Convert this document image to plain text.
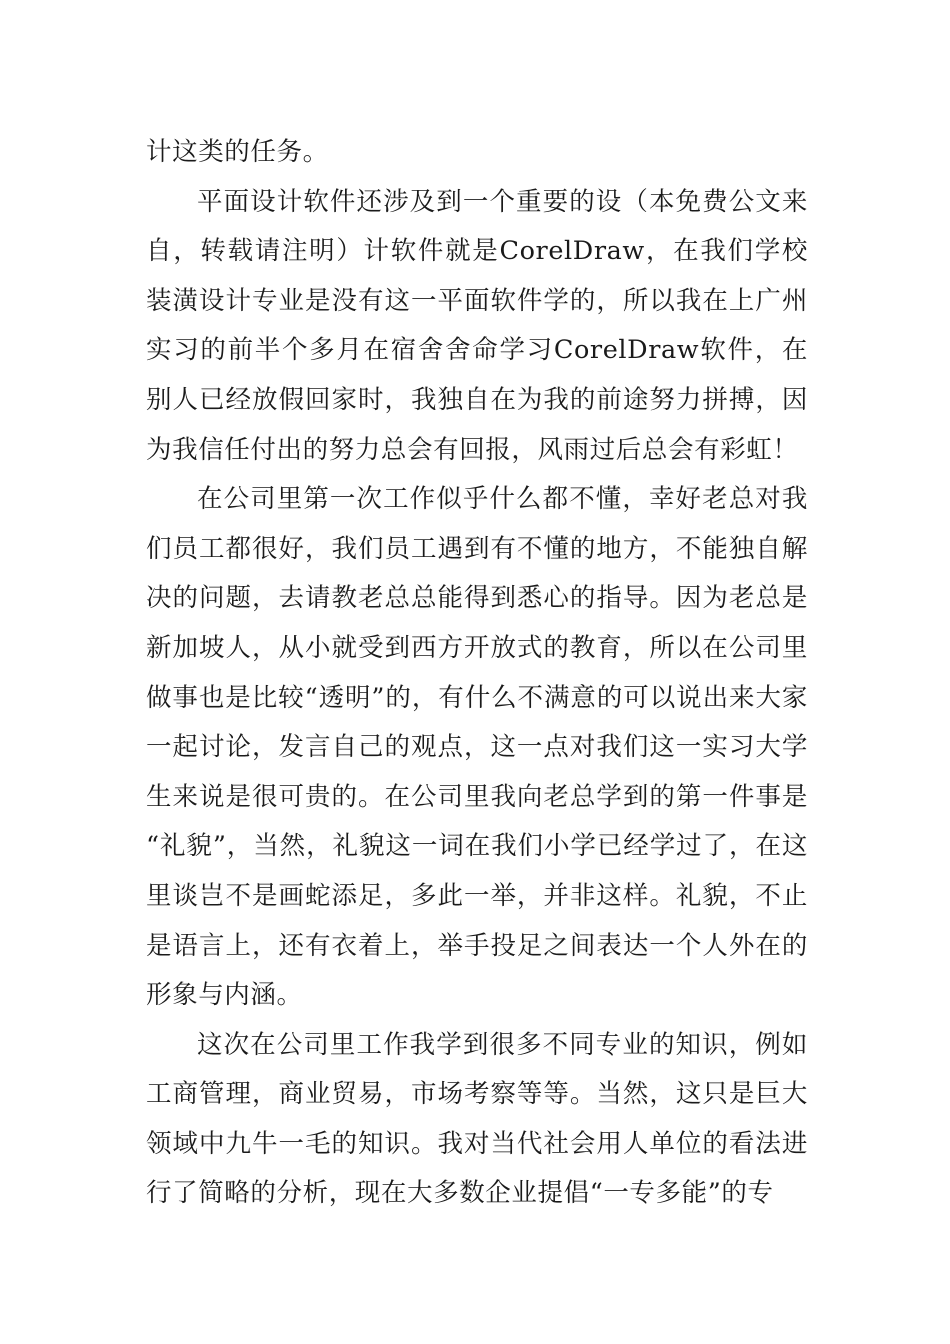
计这类的任务。

平面设计软件还涉及到一个重要的设（本免费公文来自，转载请注明）计软件就是CorelDraw，在我们学校装潢设计专业是没有这一平面软件学的，所以我在上广州实习的前半个多月在宿舍舍命学习CorelDraw软件，在别人已经放假回家时，我独自在为我的前途努力拼搏，因为我信任付出的努力总会有回报，风雨过后总会有彩虹！

在公司里第一次工作似乎什么都不懂，幸好老总对我们员工都很好，我们员工遇到有不懂的地方，不能独自解决的问题，去请教老总总能得到悉心的指导。因为老总是新加坡人，从小就受到西方开放式的教育，所以在公司里做事也是比较“透明”的，有什么不满意的可以说出来大家一起讨论，发言自己的观点，这一点对我们这一实习大学生来说是很可贵的。在公司里我向老总学到的第一件事是“礼貌”，当然，礼貌这一词在我们小学已经学过了，在这里谈岂不是画蛇添足，多此一举，并非这样。礼貌，不止是语言上，还有衣着上，举手投足之间表达一个人外在的形象与内涵。

这次在公司里工作我学到很多不同专业的知识，例如工商管理，商业贸易，市场考察等等。当然，这只是巨大领域中九牛一毛的知识。我对当代社会用人单位的看法进行了简略的分析，现在大多数企业提倡“一专多能”的专
